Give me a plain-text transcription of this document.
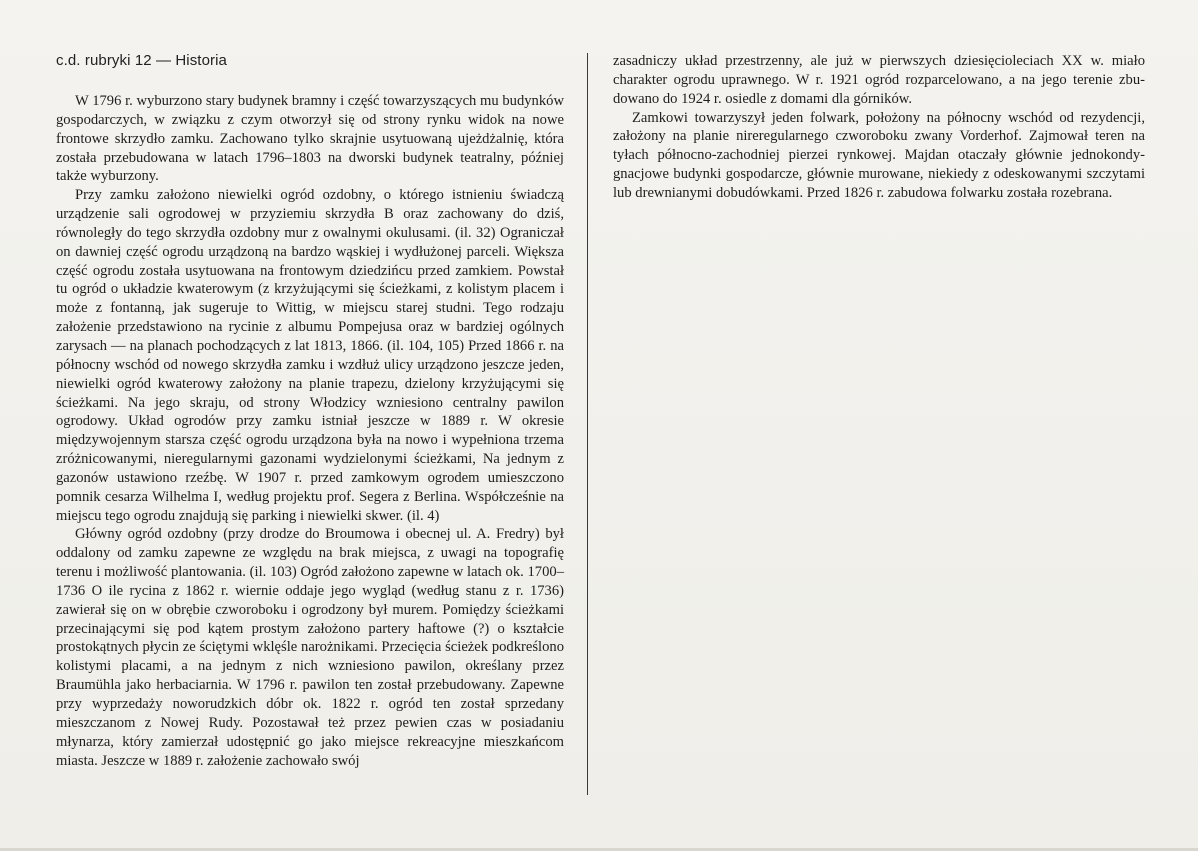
c.d. rubryki 12 — Historia

W 1796 r. wyburzono stary budynek bramny i część towarzyszących mu budynków gospodarczych, w związku z czym otworzył się od strony rynku widok na nowe frontowe skrzydło zamku. Zachowano tylko skrajnie usytuowaną ujeżdżalnię, która została przebudowana w latach 1796–1803 na dworski budynek teatralny, później także wyburzony.

Przy zamku założono niewielki ogród ozdobny, o którego istnieniu świadczą urządzenie sali ogrodowej w przyziemiu skrzydła B oraz zachowany do dziś, równoległy do tego skrzydła ozdobny mur z owalnymi okulusami. (il. 32) Ograniczał on dawniej część ogrodu urządzoną na bardzo wąskiej i wydłużonej parceli. Większa część ogrodu została usytuowana na frontowym dziedzińcu przed zamkiem. Powstał tu ogród o układzie kwaterowym (z krzyżującymi się ścieżkami, z kolistym placem i może z fontanną, jak sugeruje to Wittig, w miejscu starej studni. Tego rodzaju założenie przedstawiono na rycinie z albumu Pompejusa oraz w bardziej ogólnych zarysach — na planach pochodzących z lat 1813, 1866. (il. 104, 105) Przed 1866 r. na północny wschód od nowego skrzydła zamku i wzdłuż ulicy urządzono jeszcze jeden, niewielki ogród kwaterowy założony na planie trapezu, dzielony krzyżującymi się ścieżkami. Na jego skraju, od strony Włodzicy wzniesiono centralny pawilon ogrodowy. Układ ogrodów przy zamku istniał jeszcze w 1889 r. W okresie międzywojennym starsza część ogrodu urządzona była na nowo i wypełniona trzema zróżnicowanymi, nieregularnymi gazonami wydzielonymi ścieżkami, Na jednym z gazonów ustawiono rzeźbę. W 1907 r. przed zamkowym ogrodem umieszczono pomnik cesarza Wilhelma I, według projektu prof. Segera z Berlina. Współcześnie na miejscu tego ogrodu znajdują się parking i niewielki skwer. (il. 4)

Główny ogród ozdobny (przy drodze do Broumowa i obecnej ul. A. Fredry) był oddalony od zamku zapewne ze względu na brak miejsca, z uwagi na topografię terenu i możliwość plantowania. (il. 103) Ogród założono zapewne w latach ok. 1700–1736 O ile rycina z 1862 r. wiernie oddaje jego wygląd (według stanu z r. 1736) zawierał się on w obrębie czworoboku i ogrodzony był murem. Pomiędzy ścieżkami przecinającymi się pod kątem prostym założono partery haftowe (?) o kształcie prostokątnych płycin ze ściętymi wklęśle narożnikami. Przecięcia ścieżek podkreślono kolistymi placami, a na jednym z nich wzniesiono pawilon, określany przez Braumühla jako herbaciarnia. W 1796 r. pawilon ten został przebudowany. Zapewne przy wyprzedaży noworudzkich dóbr ok. 1822 r. ogród ten został sprzedany mieszczanom z Nowej Rudy. Pozostawał też przez pewien czas w posiadaniu młynarza, który zamierzał udostępnić go jako miejsce rekreacyjne mieszkańcom miasta. Jeszcze w 1889 r. założenie zachowało swój

zasadniczy układ przestrzenny, ale już w pierwszych dziesięcioleciach XX w. miało charakter ogrodu uprawnego. W r. 1921 ogród rozparcelowano, a na jego terenie zbudowano do 1924 r. osiedle z domami dla górników.

Zamkowi towarzyszył jeden folwark, położony na północny wschód od rezydencji, założony na planie nireregularnego czworoboku zwany Vorderhof. Zajmował teren na tyłach północno-zachodniej pierzei rynkowej. Majdan otaczały głównie jednokondygnacjowe budynki gospodarcze, głównie murowane, niekiedy z odeskowanymi szczytami lub drewnianymi dobudówkami. Przed 1826 r. zabudowa folwarku została rozebrana.
